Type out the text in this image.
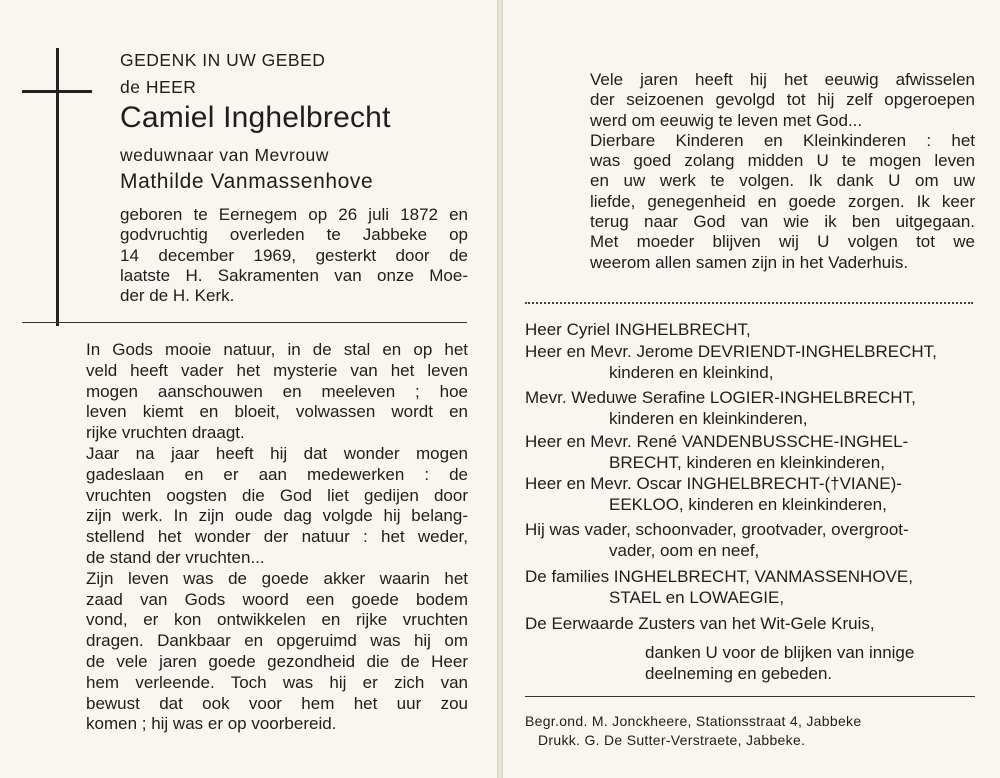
GEDENK IN UW GEBED

de HEER

Camiel Inghelbrecht

weduwnaar van Mevrouw

Mathilde Vanmassenhove

geboren te Eernegem op 26 juli 1872 en
godvruchtig overleden te Jabbeke op
14 december 1969, gesterkt door de
laatste H. Sakramenten van onze Moe-
der de H. Kerk.
In Gods mooie natuur, in de stal en op het
veld heeft vader het mysterie van het leven
mogen aanschouwen en meeleven ; hoe
leven kiemt en bloeit, volwassen wordt en
rijke vruchten draagt.
Jaar na jaar heeft hij dat wonder mogen
gadeslaan en er aan medewerken : de
vruchten oogsten die God liet gedijen door
zijn werk. In zijn oude dag volgde hij belang-
stellend het wonder der natuur : het weder,
de stand der vruchten...
Zijn leven was de goede akker waarin het
zaad van Gods woord een goede bodem
vond, er kon ontwikkelen en rijke vruchten
dragen. Dankbaar en opgeruimd was hij om
de vele jaren goede gezondheid die de Heer
hem verleende. Toch was hij er zich van
bewust dat ook voor hem het uur zou
komen ; hij was er op voorbereid.
Vele jaren heeft hij het eeuwig afwisselen
der seizoenen gevolgd tot hij zelf opgeroepen
werd om eeuwig te leven met God...
Dierbare Kinderen en Kleinkinderen : het
was goed zolang midden U te mogen leven
en uw werk te volgen. Ik dank U om uw
liefde, genegenheid en goede zorgen. Ik keer
terug naar God van wie ik ben uitgegaan.
Met moeder blijven wij U volgen tot we
weerom allen samen zijn in het Vaderhuis.
Heer Cyriel INGHELBRECHT,
Heer en Mevr. Jerome DEVRIENDT-INGHELBRECHT,
kinderen en kleinkind,
Mevr. Weduwe Serafine LOGIER-INGHELBRECHT,
kinderen en kleinkinderen,
Heer en Mevr. René VANDENBUSSCHE-INGHEL-
BRECHT, kinderen en kleinkinderen,
Heer en Mevr. Oscar INGHELBRECHT-(†VIANE)-
EEKLOO, kinderen en kleinkinderen,
Hij was vader, schoonvader, grootvader, overgroot-
vader, oom en neef,
De families INGHELBRECHT, VANMASSENHOVE,
STAEL en LOWAEGIE,
De Eerwaarde Zusters van het Wit-Gele Kruis,
danken U voor de blijken van innige
deelneming en gebeden.
Begr.ond. M. Jonckheere, Stationsstraat 4, Jabbeke
Drukk. G. De Sutter-Verstraete, Jabbeke.
